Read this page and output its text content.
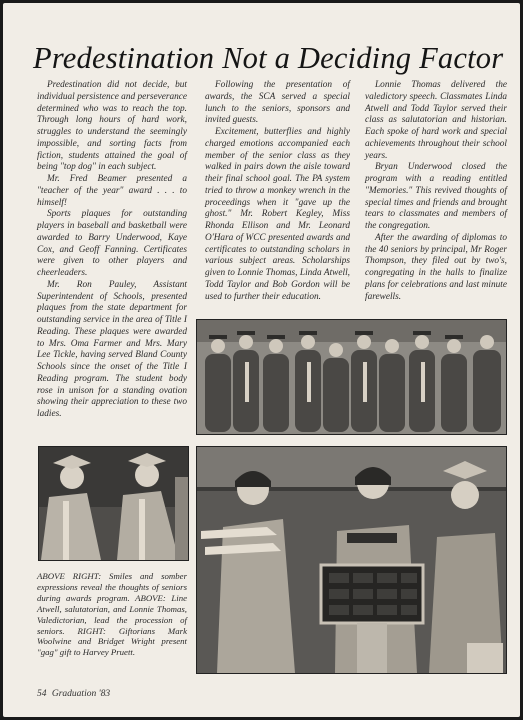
Predestination Not a Deciding Factor

Predestination did not decide, but individual persistence and perseverance determined who was to reach the top. Through long hours of hard work, struggles to understand the seemingly impossible, and sorting facts from fiction, students attained the goal of being "top dog" in each subject.

Mr. Fred Beamer presented a "teacher of the year" award . . . to himself!

Sports plaques for outstanding players in baseball and basketball were awarded to Barry Underwood, Kaye Cox, and Geoff Fanning. Certificates were given to other players and cheerleaders.

Mr. Ron Pauley, Assistant Superintendent of Schools, presented plaques from the state department for outstanding service in the area of Title I Reading. These plaques were awarded to Mrs. Oma Farmer and Mrs. Mary Lee Tickle, having served Bland County Schools since the onset of the Title I Reading program. The student body rose in unison for a standing ovation showing their appreciation to these two ladies.

Following the presentation of awards, the SCA served a special lunch to the seniors, sponsors and invited guests.

Excitement, butterflies and highly charged emotions accompanied each member of the senior class as they walked in pairs down the aisle toward their final school goal. The PA system tried to throw a monkey wrench in the proceedings when it "gave up the ghost." Mr. Robert Kegley, Miss Rhonda Ellison and Mr. Leonard O'Hara of WCC presented awards and certificates to outstanding scholars in various subject areas. Scholarships given to Lonnie Thomas, Linda Atwell, Todd Taylor and Bob Gordon will be used to further their education.

Lonnie Thomas delivered the valedictory speech. Classmates Linda Atwell and Todd Taylor served their class as salutatorian and historian. Each spoke of hard work and special achievements throughout their school years.

Bryan Underwood closed the program with a reading entitled "Memories." This revived thoughts of special times and friends and brought tears to classmates and members of the congregation.

After the awarding of diplomas to the 40 seniors by principal, Mr Roger Thompson, they filed out by two's, congregating in the halls to finalize plans for celebrations and last minute farewells.

ABOVE RIGHT: Smiles and somber expressions reveal the thoughts of seniors during awards program. ABOVE: Line Atwell, salutatorian, and Lonnie Thomas, Valedictorian, lead the procession of seniors. RIGHT: Giftorians Mark Woolwine and Bridget Wright present "gag" gift to Harvey Pruett.
54 Graduation '83
